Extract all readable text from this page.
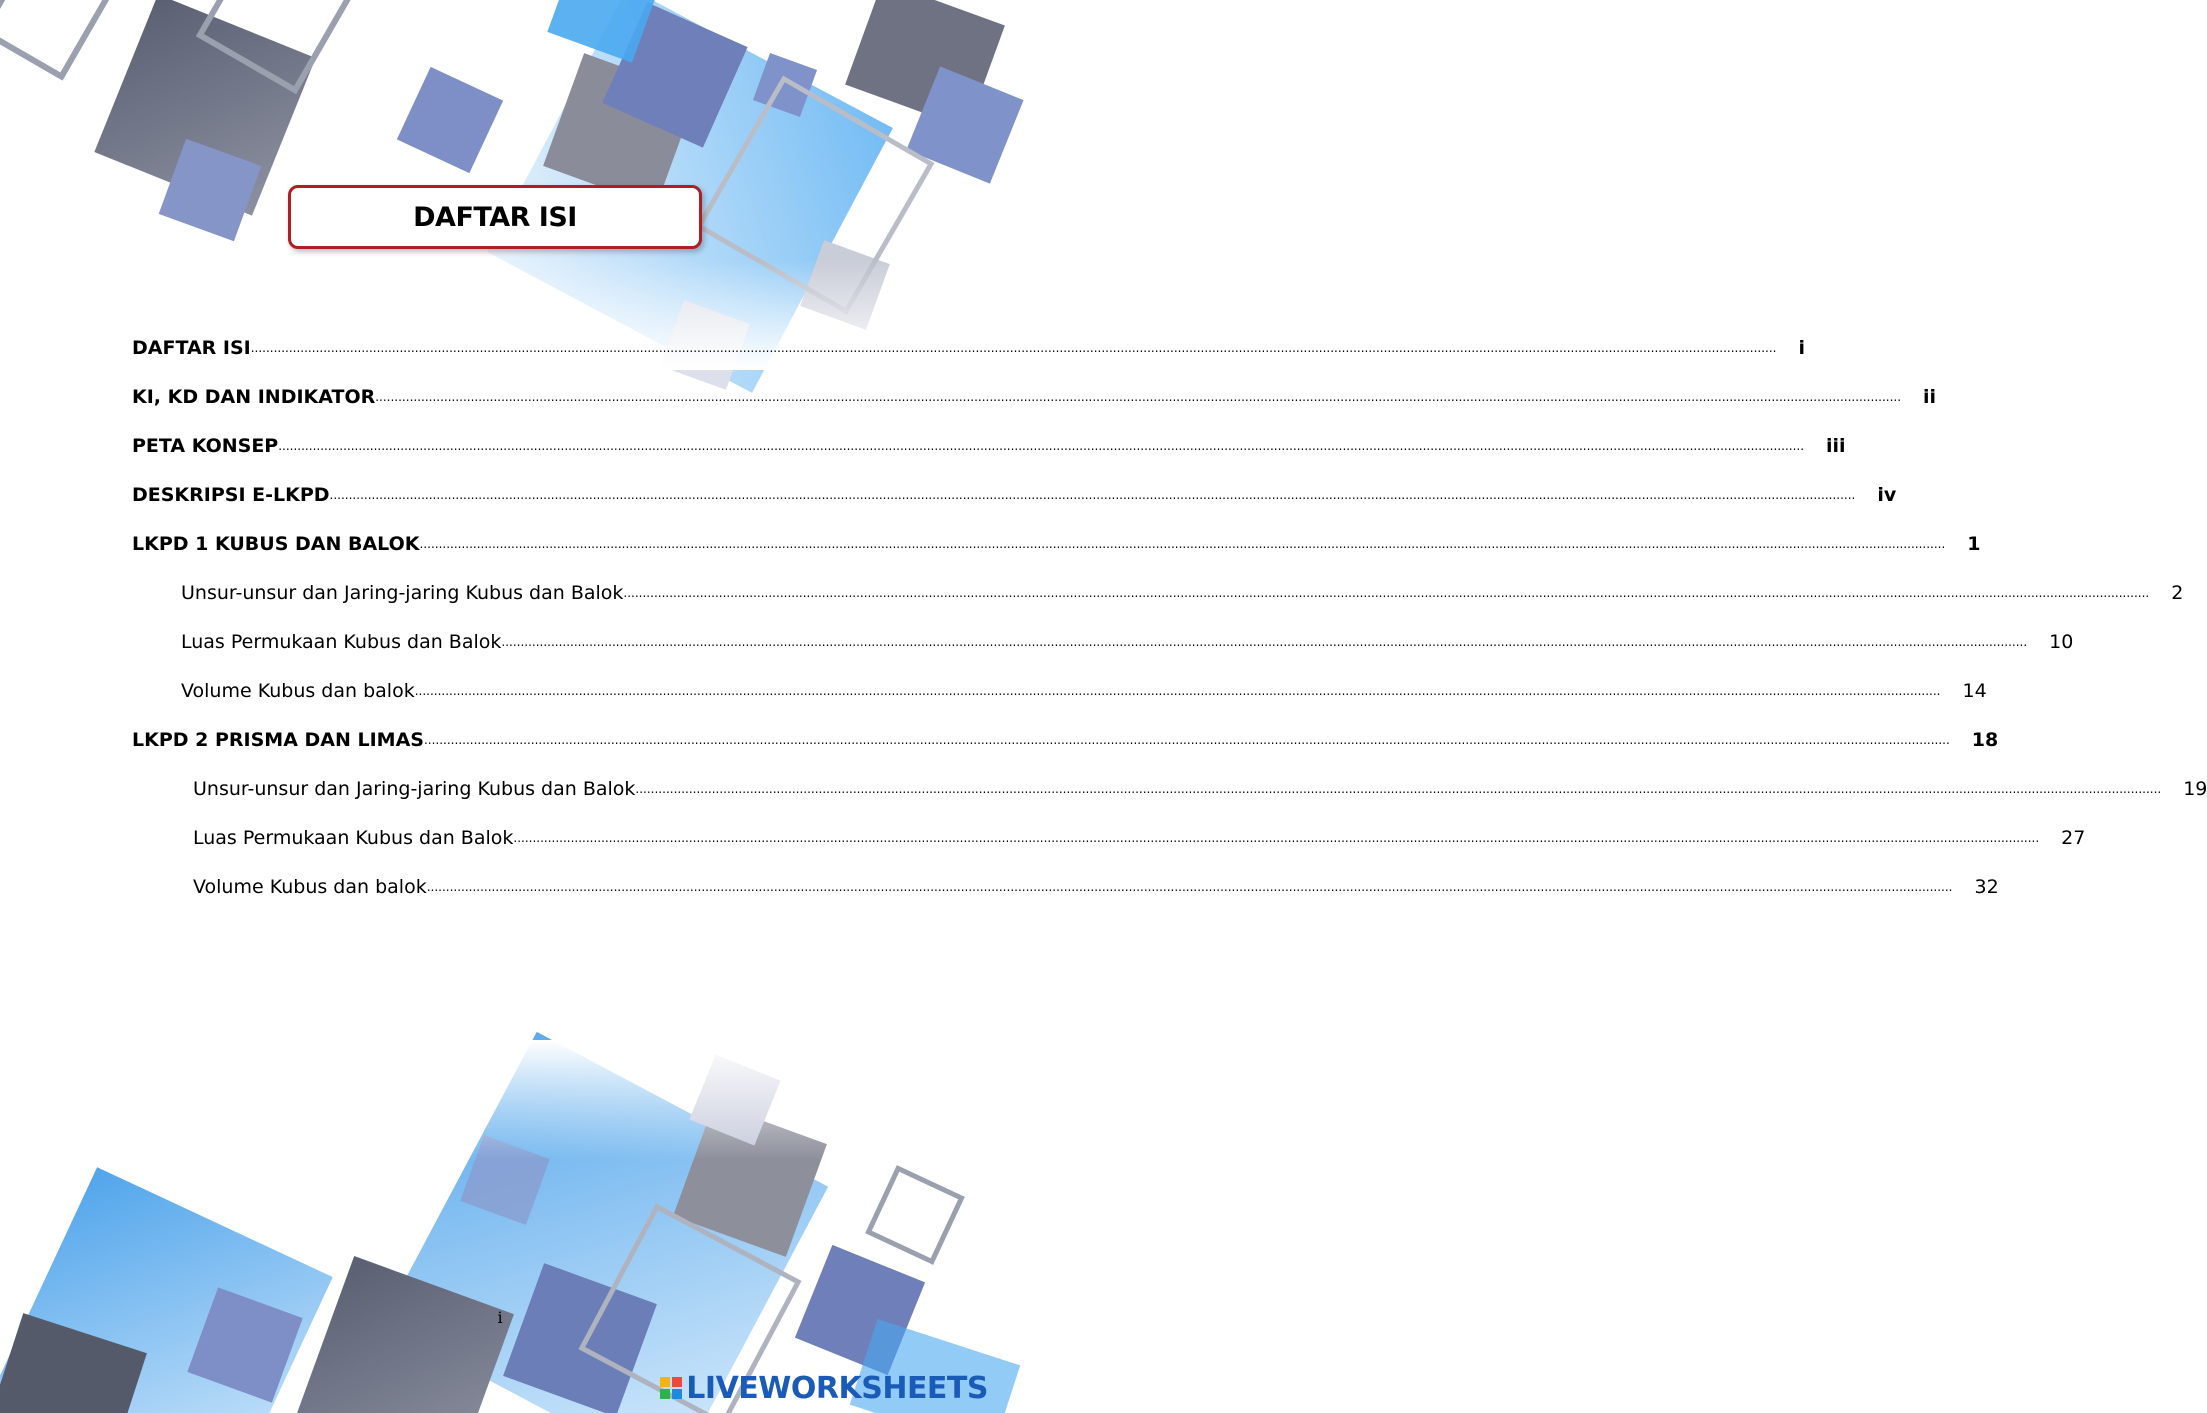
DAFTAR ISI
DAFTAR ISI ................................................................................................................................................................................................................................................................................................................................................................................................................ i
KI, KD DAN INDIKATOR ................................................................................................................................................................................................................................................................................................................................................................................................................ ii
PETA KONSEP ................................................................................................................................................................................................................................................................................................................................................................................................................ iii
DESKRIPSI E-LKPD ................................................................................................................................................................................................................................................................................................................................................................................................................ iv
LKPD 1 KUBUS DAN BALOK ................................................................................................................................................................................................................................................................................................................................................................................................................ 1
Unsur-unsur dan Jaring-jaring Kubus dan Balok ................................................................................................................................................................................................................................................................................................................................................................................................................ 2
Luas Permukaan Kubus dan Balok ................................................................................................................................................................................................................................................................................................................................................................................................................ 10
Volume Kubus dan balok ................................................................................................................................................................................................................................................................................................................................................................................................................ 14
LKPD 2 PRISMA DAN LIMAS ................................................................................................................................................................................................................................................................................................................................................................................................................ 18
Unsur-unsur dan Jaring-jaring Kubus dan Balok ................................................................................................................................................................................................................................................................................................................................................................................................................ 19
Luas Permukaan Kubus dan Balok ................................................................................................................................................................................................................................................................................................................................................................................................................ 27
Volume Kubus dan balok ................................................................................................................................................................................................................................................................................................................................................................................................................ 32
i
LIVEWORKSHEETS
